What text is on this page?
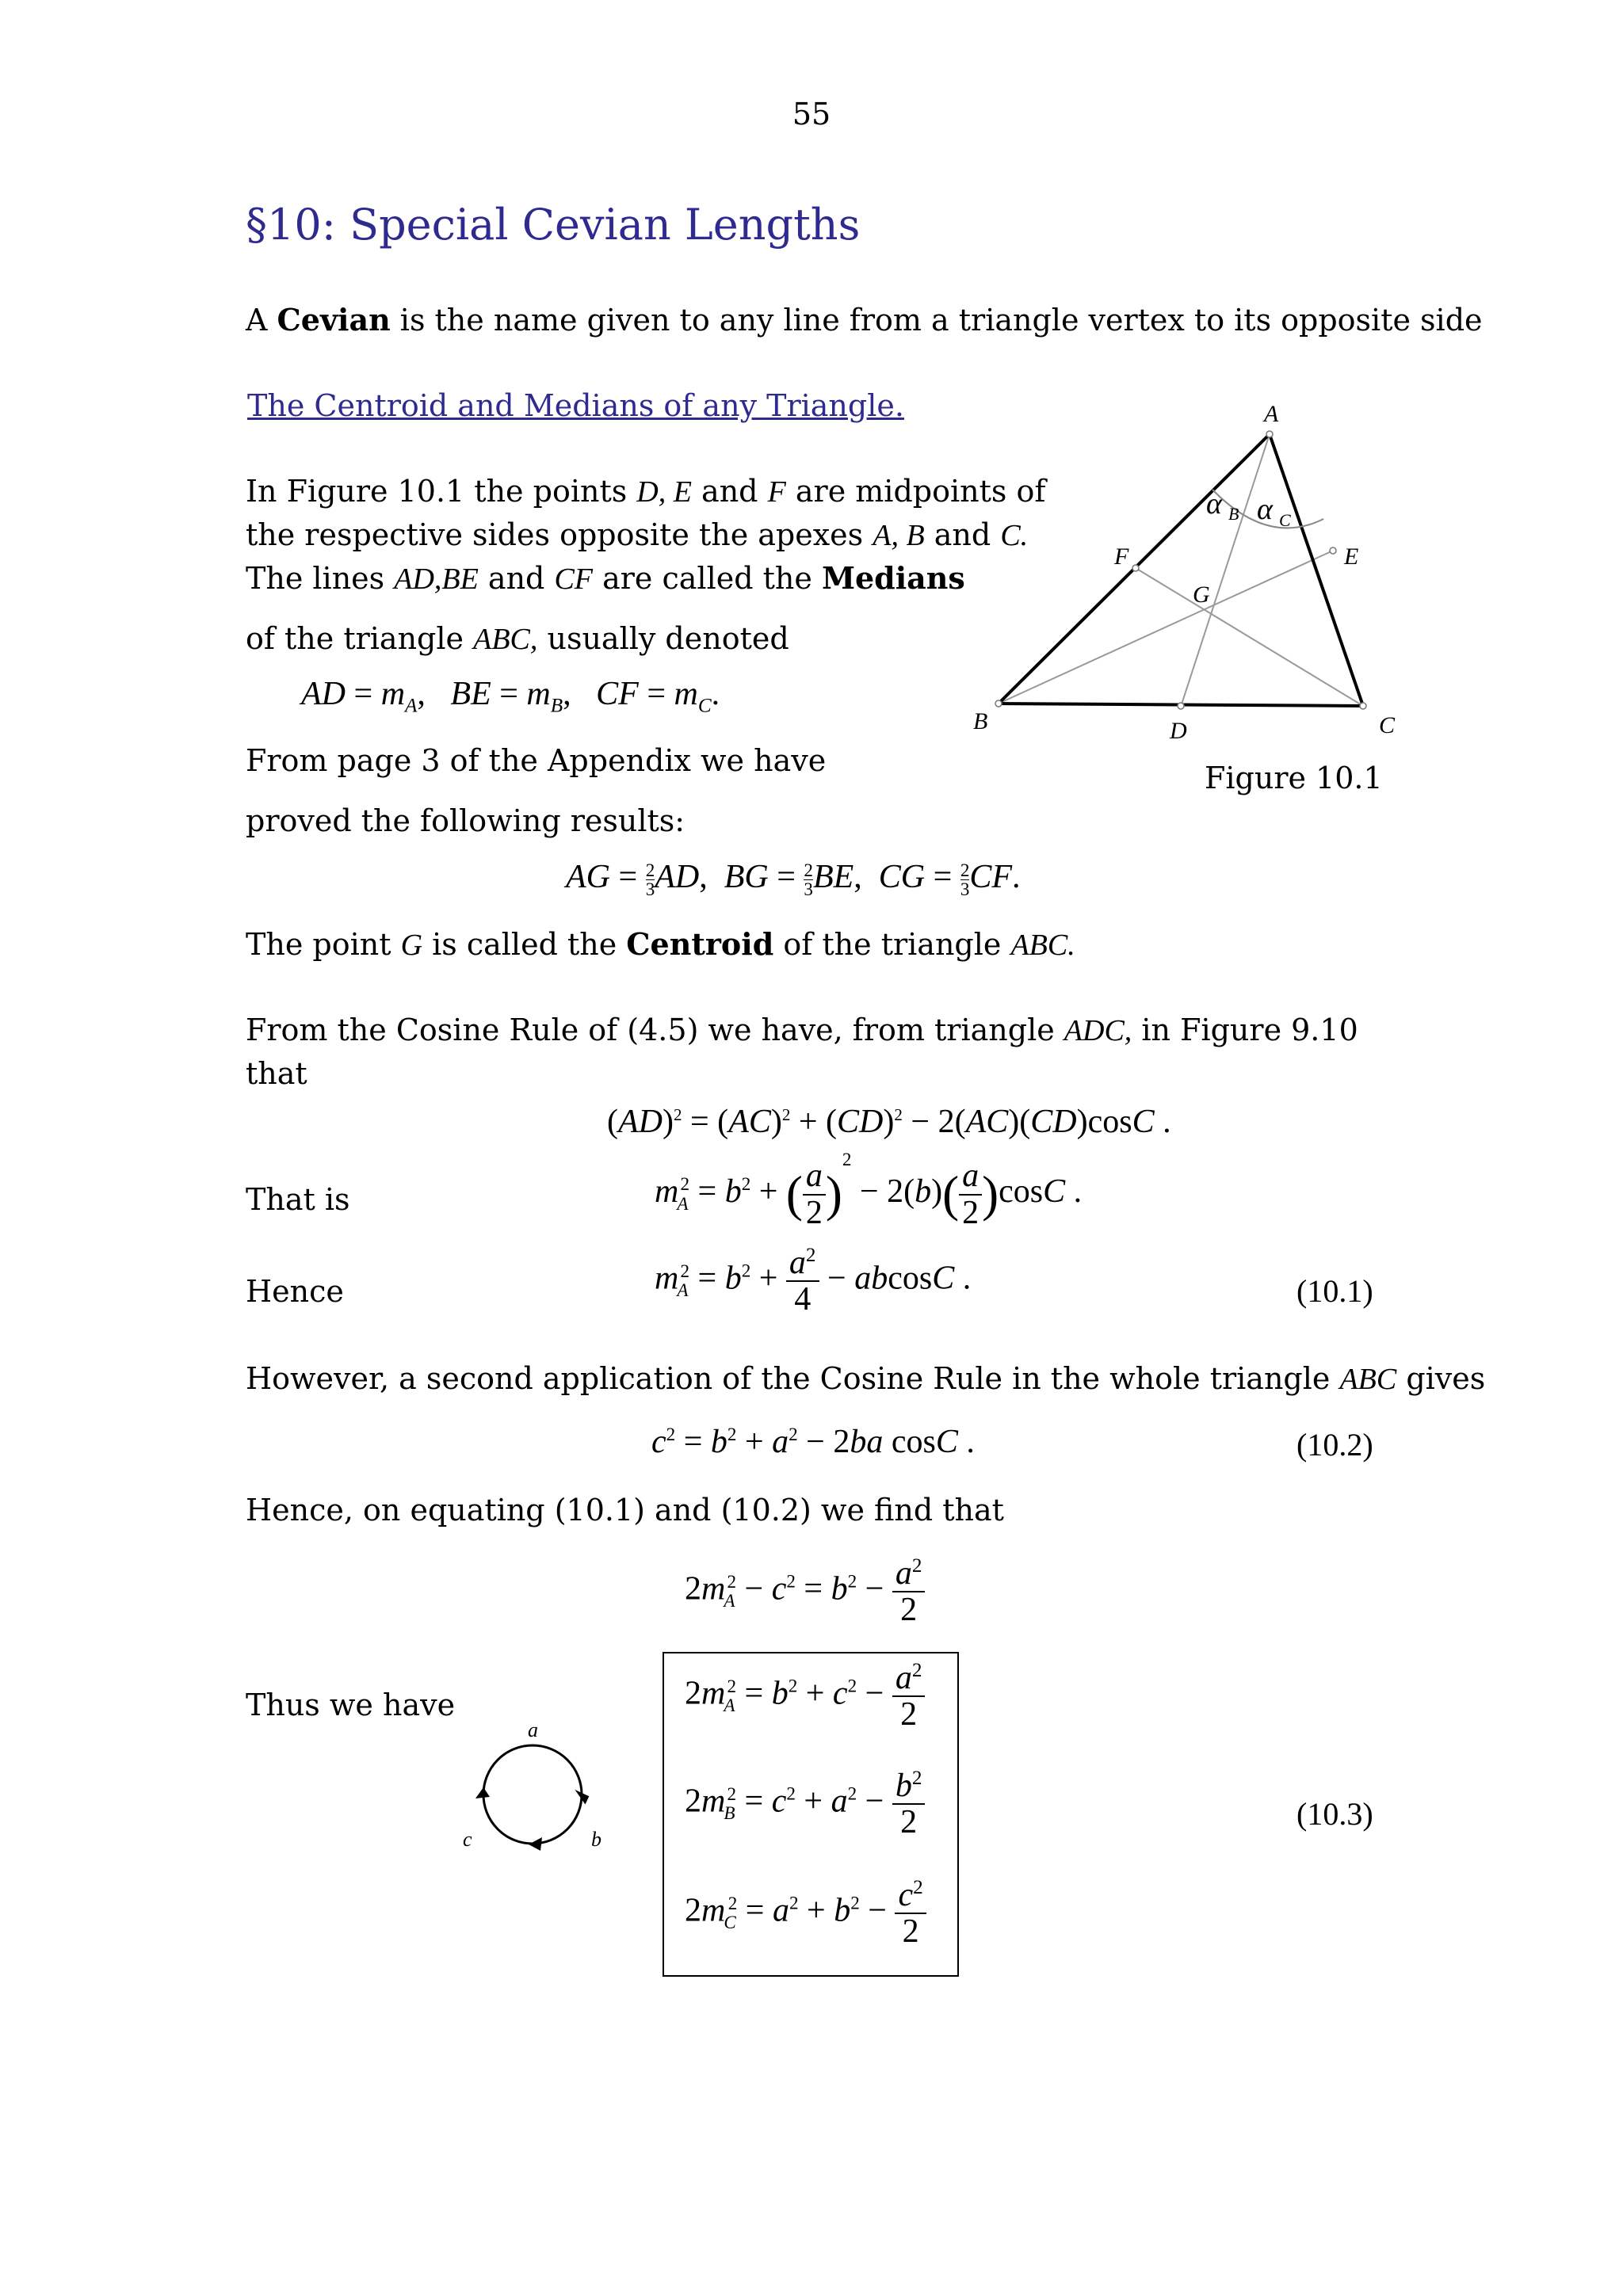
55
§10: Special Cevian Lengths
A Cevian is the name given to any line from a triangle vertex to its opposite side
The Centroid and Medians of any Triangle.
In Figure 10.1 the points D, E and F are midpoints of
the respective sides opposite the apexes A, B and C.
The lines AD,BE and CF are called the Medians
of the triangle ABC, usually denoted
AD = $m_A$,   BE = $m_B$,   CF = $m_C$.
From page 3 of the Appendix we have
proved the following results:
AG = $\frac{2}{3}$ AD,  BG = $\frac{2}{3}$ BE,  CG = $\frac{2}{3}$ CF.
The point G is called the Centroid of the triangle ABC.
From the Cosine Rule of (4.5) we have, from triangle ADC, in Figure 9.10
that
(AD)$^2$ = (AC)$^2$ + (CD)$^2$ − 2(AC)(CD)cosC .
That is	$m_A^2 = b^2$ + ( $\frac{a}{2} )^2 - 2(b)( \frac{a}{2} )\cos C$ .
Hence	$m_A^2 = b^2 + \frac{a^2}{4} - abcosC$ .	(10.1)
However, a second application of the Cosine Rule in the whole triangle ABC gives
$c^2 = b^2 + a^2 - 2ba$ cosC .	(10.2)
Hence, on equating (10.1) and (10.2) we find that
$2m_A^2 - c^2 = b^2 - \frac{a^2}{2}$
Thus we have	$2m_A^2 = b^2 + c^2 - \frac{a^2}{2}$
$2m_B^2 = c^2 + a^2 - \frac{b^2}{2}$
$2m_C^2 = a^2 + b^2 - \frac{c^2}{2}$
(10.3)
a
b
c
A
B	C
D
E
F
G
α B α C
Figure 10.1
